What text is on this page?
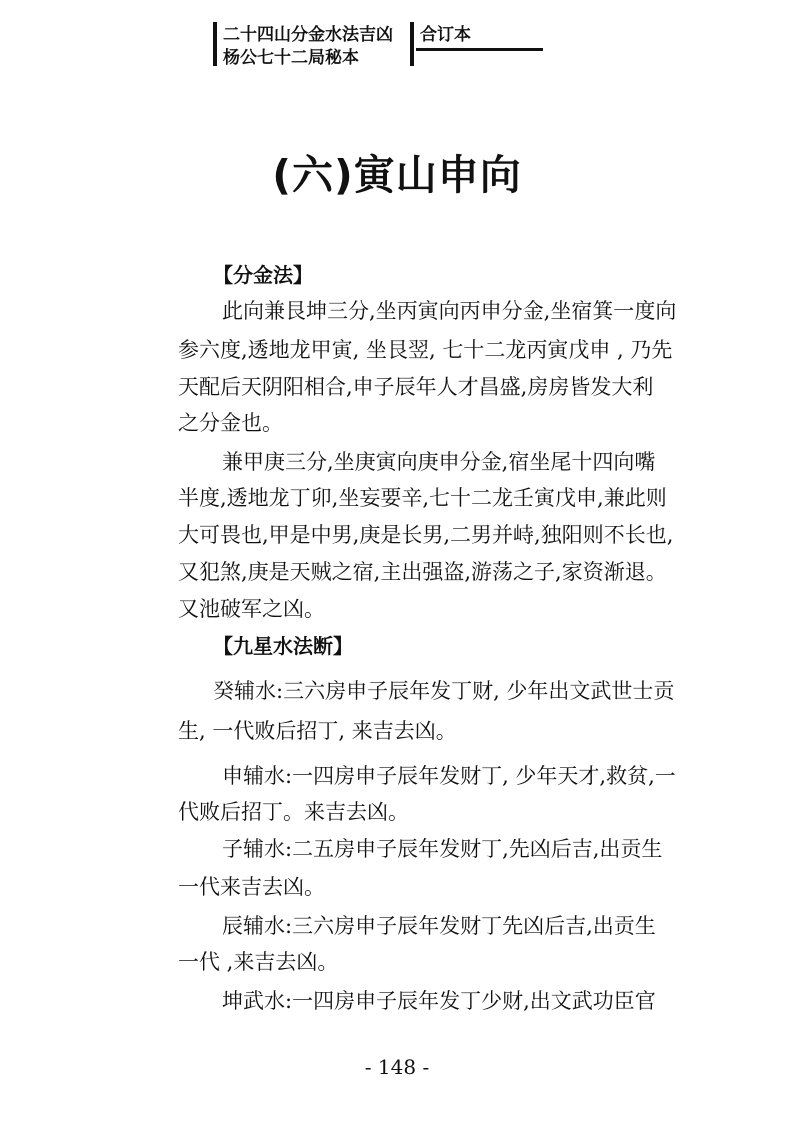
二十四山分金水法吉凶
杨公七十二局秘本
合订本
(六)寅山申向
【分金法】
此向兼艮坤三分,坐丙寅向丙申分金,坐宿箕一度向
参六度,透地龙甲寅, 坐艮翌, 七十二龙丙寅戊申 , 乃先
天配后天阴阳相合,申子辰年人才昌盛,房房皆发大利
之分金也。
兼甲庚三分,坐庚寅向庚申分金,宿坐尾十四向嘴
半度,透地龙丁卯,坐妄要辛,七十二龙壬寅戊申,兼此则
大可畏也,甲是中男,庚是长男,二男并峙,独阳则不长也,
又犯煞,庚是天贼之宿,主出强盗,游荡之子,家资渐退。
又池破军之凶。
【九星水法断】
癸辅水:三六房申子辰年发丁财, 少年出文武世士贡
生, 一代败后招丁, 来吉去凶。
申辅水:一四房申子辰年发财丁, 少年天才,救贫,一
代败后招丁。来吉去凶。
子辅水:二五房申子辰年发财丁,先凶后吉,出贡生
一代来吉去凶。
辰辅水:三六房申子辰年发财丁先凶后吉,出贡生
一代 ,来吉去凶。
坤武水:一四房申子辰年发丁少财,出文武功臣官
- 148 -
